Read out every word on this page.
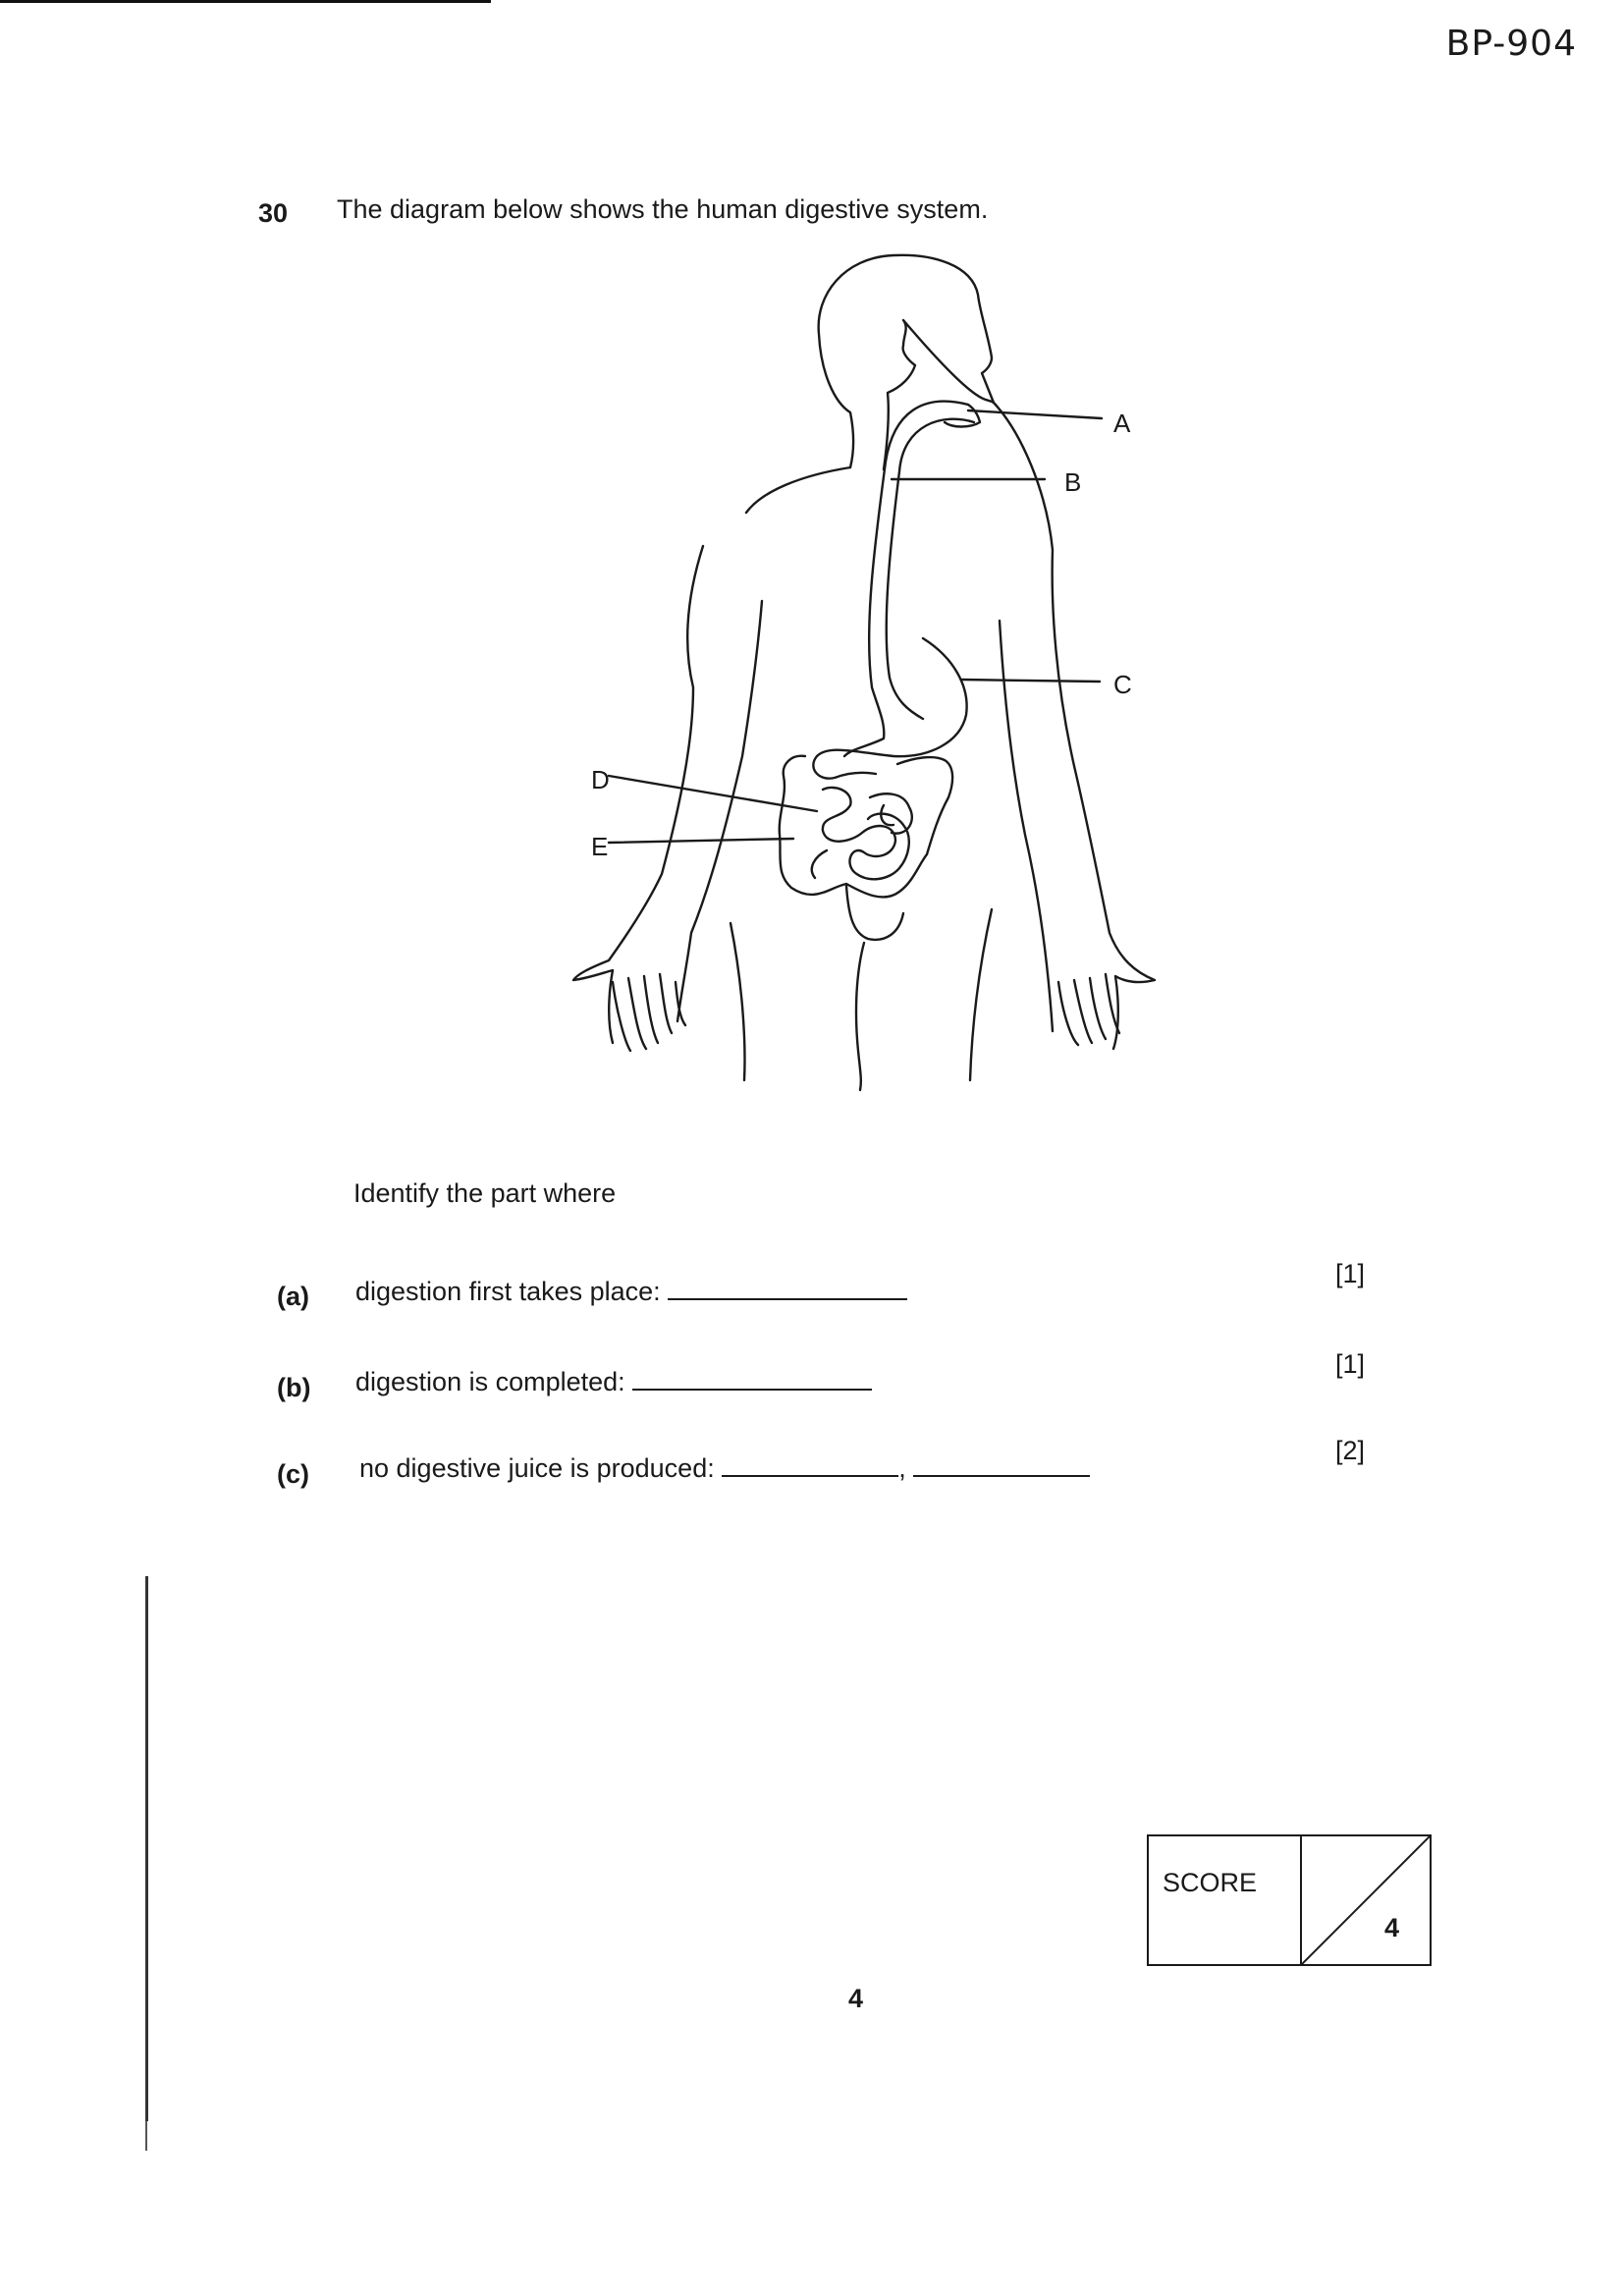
BP-904
30 The diagram below shows the human digestive system.
A
B
C
D
E
Identify the part where
(a) digestion first takes place:
[1]
(b) digestion is completed:
[1]
(c) no digestive juice is produced:	,
[2]
SCORE
4
4
